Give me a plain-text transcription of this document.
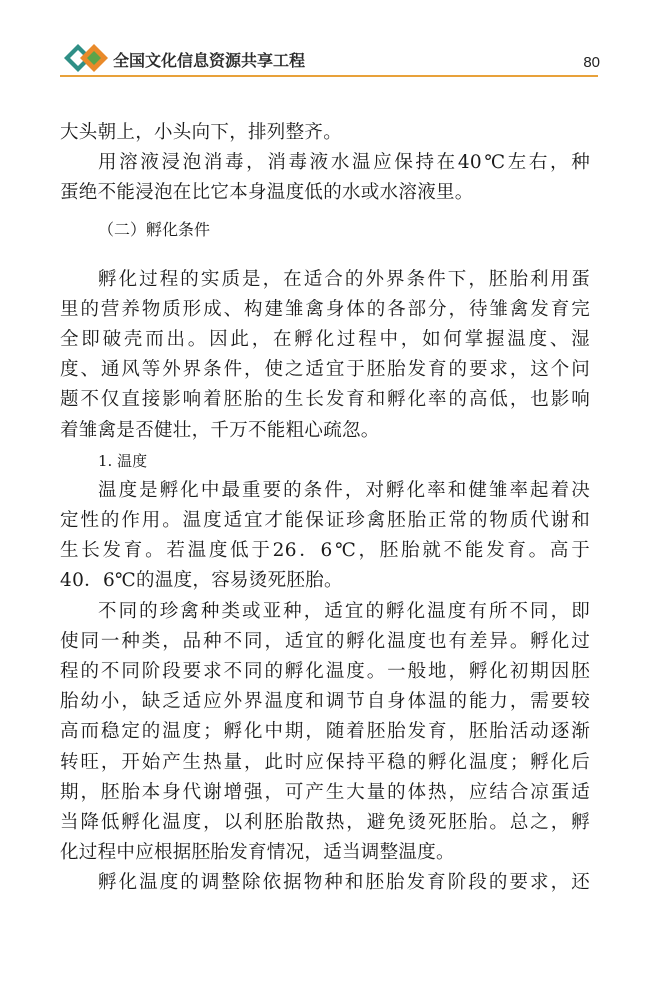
全国文化信息资源共享工程	80
大头朝上，小头向下，排列整齐。
用溶液浸泡消毒，消毒液水温应保持在40℃左右，种
蛋绝不能浸泡在比它本身温度低的水或水溶液里。
（二）孵化条件
孵化过程的实质是，在适合的外界条件下，胚胎利用蛋
里的营养物质形成、构建雏禽身体的各部分，待雏禽发育完
全即破壳而出。因此，在孵化过程中，如何掌握温度、湿
度、通风等外界条件，使之适宜于胚胎发育的要求，这个问
题不仅直接影响着胚胎的生长发育和孵化率的高低，也影响
着雏禽是否健壮，千万不能粗心疏忽。
1. 温度
温度是孵化中最重要的条件，对孵化率和健雏率起着决
定性的作用。温度适宜才能保证珍禽胚胎正常的物质代谢和
生长发育。若温度低于26．6℃，胚胎就不能发育。高于
40．6℃的温度，容易烫死胚胎。
不同的珍禽种类或亚种，适宜的孵化温度有所不同，即
使同一种类，品种不同，适宜的孵化温度也有差异。孵化过
程的不同阶段要求不同的孵化温度。一般地，孵化初期因胚
胎幼小，缺乏适应外界温度和调节自身体温的能力，需要较
高而稳定的温度；孵化中期，随着胚胎发育，胚胎活动逐渐
转旺，开始产生热量，此时应保持平稳的孵化温度；孵化后
期，胚胎本身代谢增强，可产生大量的体热，应结合凉蛋适
当降低孵化温度，以利胚胎散热，避免烫死胚胎。总之，孵
化过程中应根据胚胎发育情况，适当调整温度。
孵化温度的调整除依据物种和胚胎发育阶段的要求，还
